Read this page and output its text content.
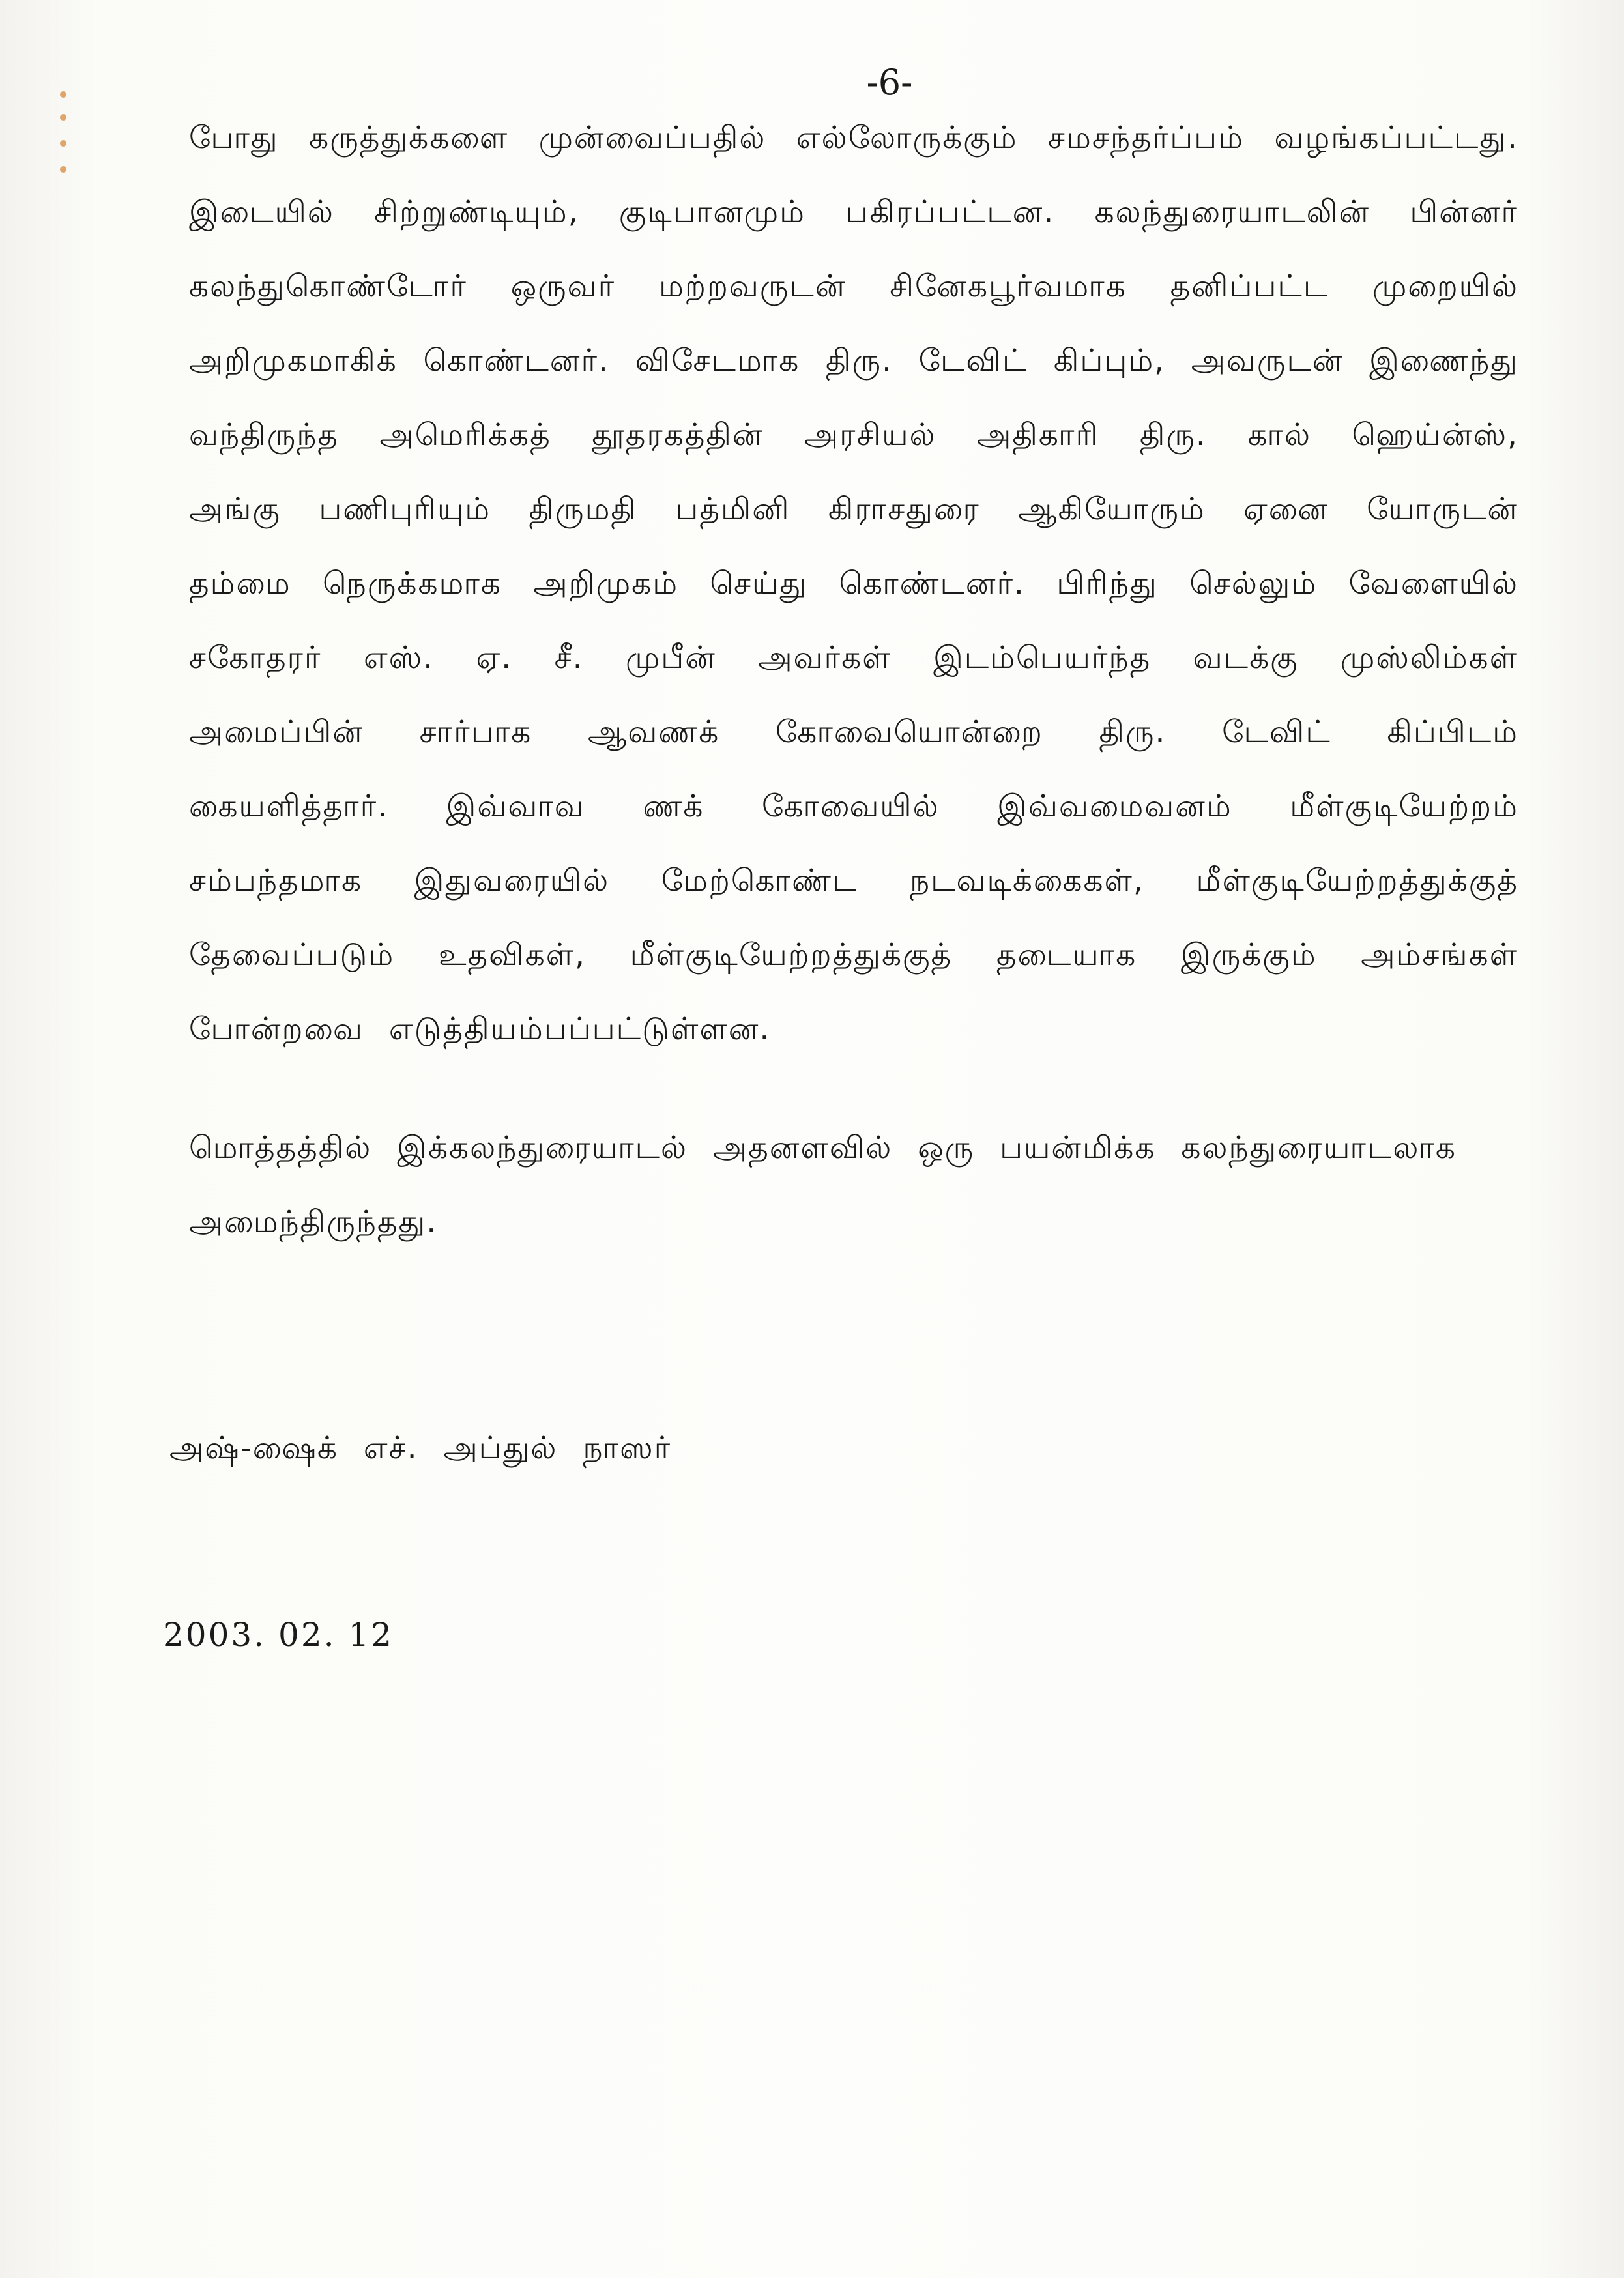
-6-

போது கருத்துக்களை முன்வைப்பதில் எல்லோருக்கும் சமசந்தர்ப்பம் வழங்கப்பட்டது. இடையில் சிற்றுண்டியும், குடிபானமும் பகிரப்பட்டன. கலந்துரையாடலின் பின்னர் கலந்துகொண்டோர் ஒருவர் மற்றவருடன் சினேகபூர்வமாக தனிப்பட்ட முறையில் அறிமுகமாகிக் கொண்டனர். விசேடமாக திரு. டேவிட் கிப்பும், அவருடன் இணைந்து வந்திருந்த அமெரிக்கத் தூதரகத்தின் அரசியல் அதிகாரி திரு. கால் ஹெய்ன்ஸ், அங்கு பணிபுரியும் திருமதி பத்மினி கிராசதுரை ஆகியோரும் ஏனை யோருடன் தம்மை நெருக்கமாக அறிமுகம் செய்து கொண்டனர். பிரிந்து செல்லும் வேளையில் சகோதரர் எஸ். ஏ. சீ. முபீன் அவர்கள் இடம்பெயர்ந்த வடக்கு முஸ்லிம்கள் அமைப்பின் சார்பாக ஆவணக் கோவையொன்றை திரு. டேவிட் கிப்பிடம் கையளித்தார். இவ்வாவ ணக் கோவையில் இவ்வமைவனம் மீள்குடியேற்றம் சம்பந்தமாக இதுவரையில் மேற்கொண்ட நடவடிக்கைகள், மீள்குடியேற்றத்துக்குத் தேவைப்படும் உதவிகள், மீள்குடியேற்றத்துக்குத் தடையாக இருக்கும் அம்சங்கள் போன்றவை எடுத்தியம்பப்பட்டுள்ளன.

மொத்தத்தில் இக்கலந்துரையாடல் அதனளவில் ஒரு பயன்மிக்க கலந்துரையாடலாக அமைந்திருந்தது.

அஷ்-ஷைக் எச். அப்துல் நாஸர்
2003. 02. 12
